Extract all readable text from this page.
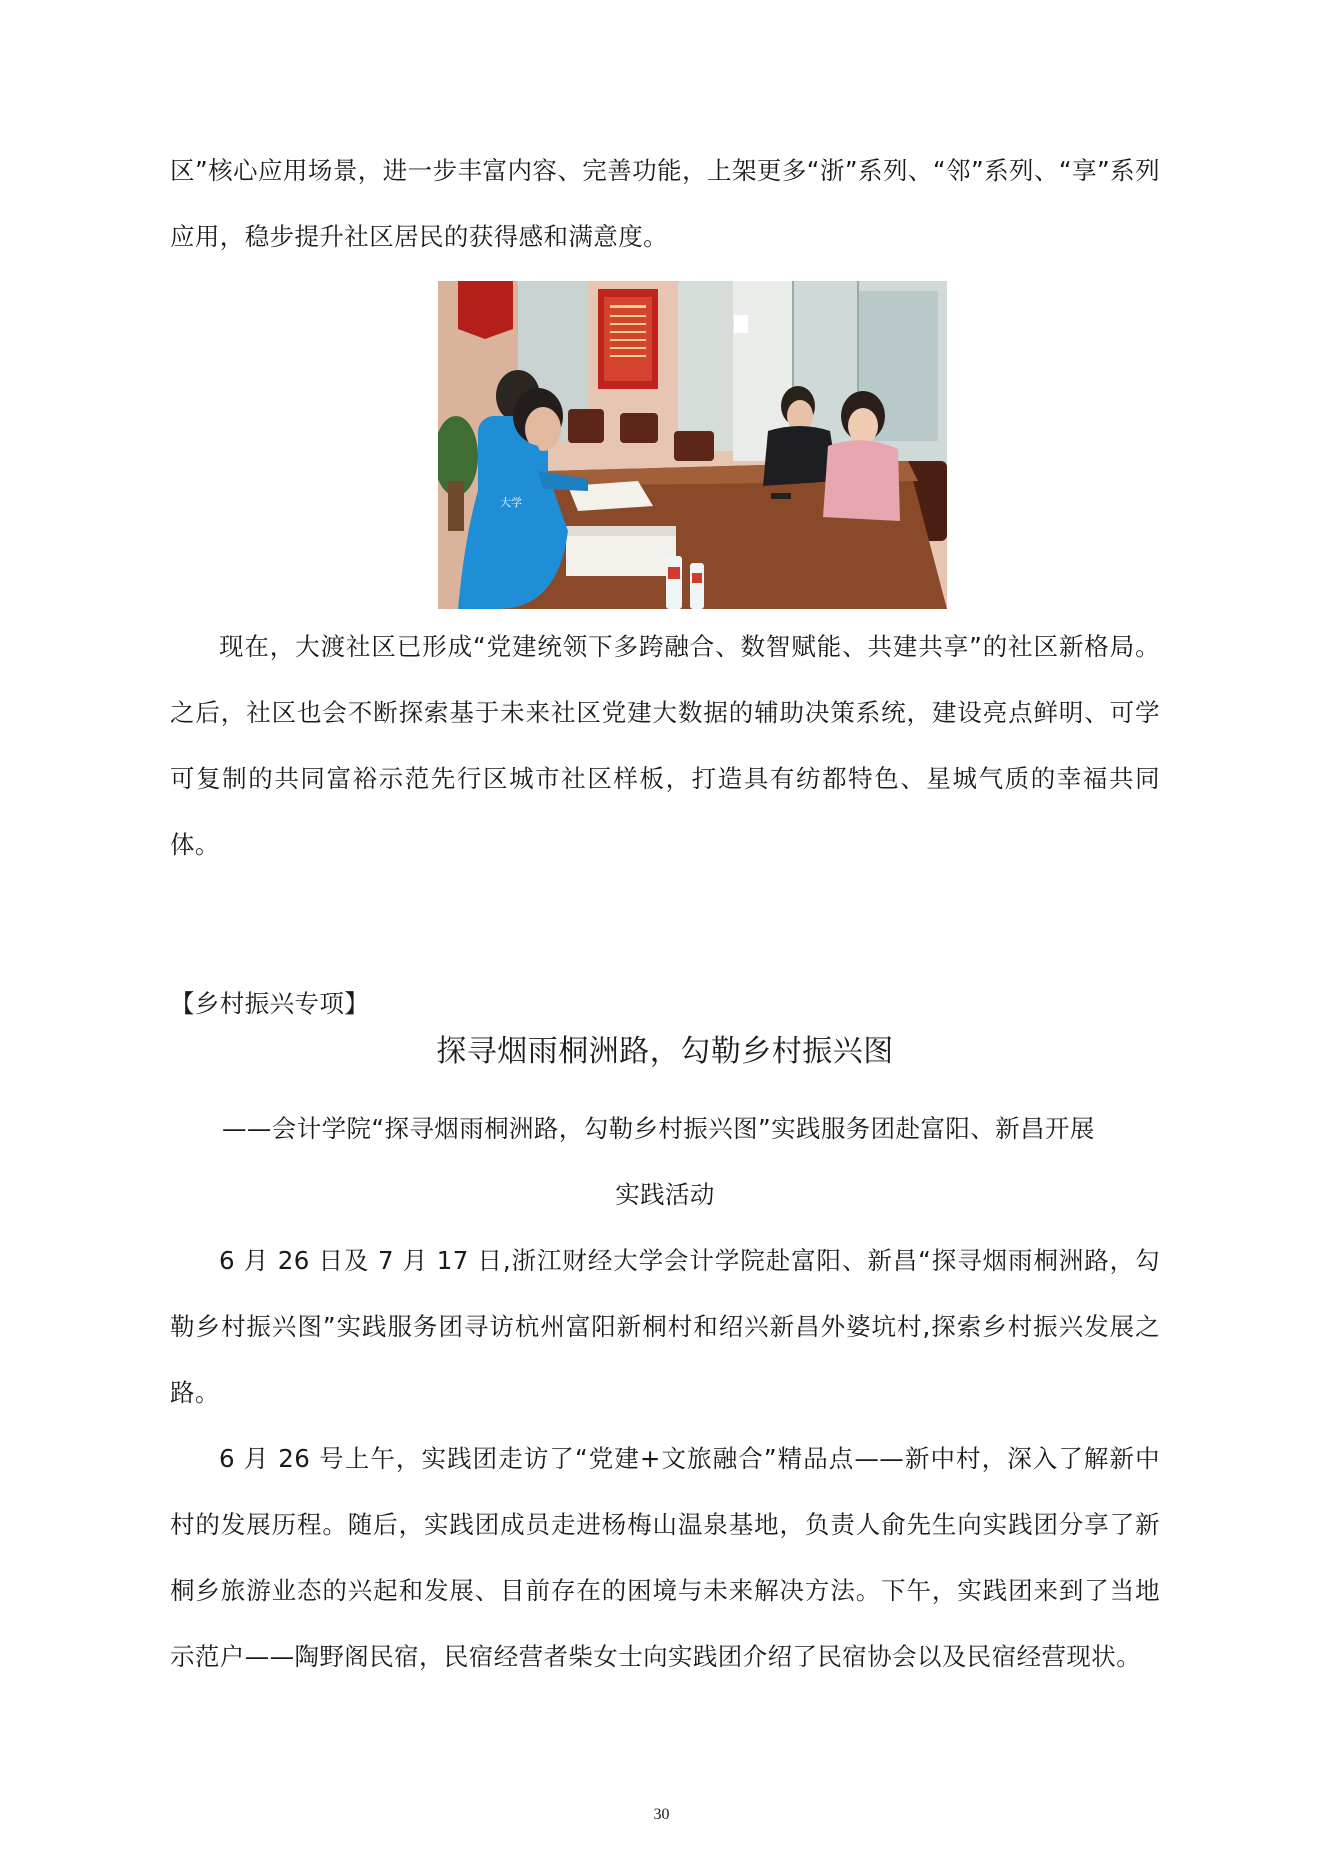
区”核心应用场景，进一步丰富内容、完善功能，上架更多“浙”系列、“邻”系列、“享”系列应用，稳步提升社区居民的获得感和满意度。

大学

现在，大渡社区已形成“党建统领下多跨融合、数智赋能、共建共享”的社区新格局。之后，社区也会不断探索基于未来社区党建大数据的辅助决策系统，建设亮点鲜明、可学可复制的共同富裕示范先行区城市社区样板，打造具有纺都特色、星城气质的幸福共同体。

【乡村振兴专项】
探寻烟雨桐洲路，勾勒乡村振兴图
——会计学院“探寻烟雨桐洲路，勾勒乡村振兴图”实践服务团赴富阳、新昌开展
实践活动

6 月 26 日及 7 月 17 日,浙江财经大学会计学院赴富阳、新昌“探寻烟雨桐洲路，勾勒乡村振兴图”实践服务团寻访杭州富阳新桐村和绍兴新昌外婆坑村,探索乡村振兴发展之路。

6 月 26 号上午，实践团走访了“党建+文旅融合”精品点——新中村，深入了解新中村的发展历程。随后，实践团成员走进杨梅山温泉基地，负责人俞先生向实践团分享了新桐乡旅游业态的兴起和发展、目前存在的困境与未来解决方法。下午，实践团来到了当地示范户——陶野阁民宿，民宿经营者柴女士向实践团介绍了民宿协会以及民宿经营现状。

30
